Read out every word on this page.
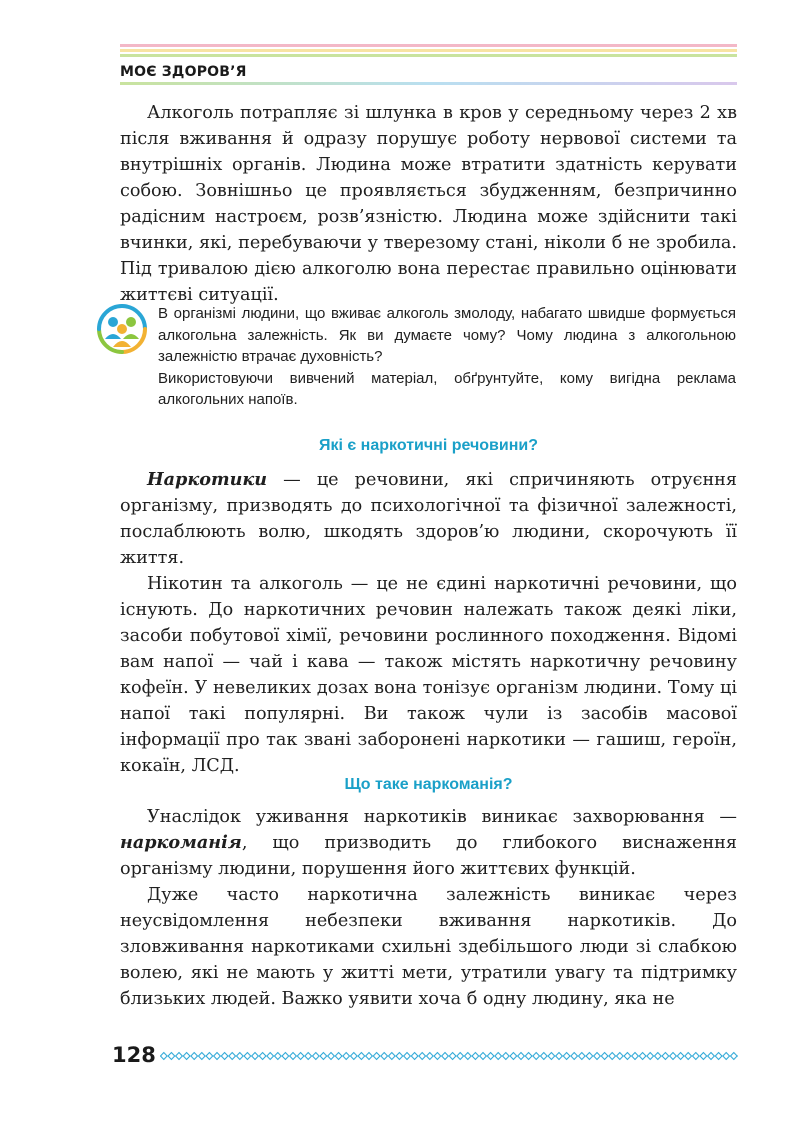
МОЄ ЗДОРОВ’Я

Алкоголь потрапляє зі шлунка в кров у середньому через 2 хв після вживання й одразу порушує роботу нервової системи та внутрішніх органів. Людина може втратити здатність керувати собою. Зовнішньо це проявляється збудженням, безпричинно радісним настроєм, розв’язністю. Людина може здійснити такі вчинки, які, перебуваючи у тверезому стані, ніколи б не зробила. Під тривалою дією алкоголю вона перестає правильно оцінювати життєві ситуації.

В організмі людини, що вживає алкоголь змолоду, набагато швидше формується алкогольна залежність. Як ви думаєте чому? Чому людина з алкогольною залежністю втрачає духовність?

Використовуючи вивчений матеріал, обґрунтуйте, кому вигідна реклама алкогольних напоїв.

Які є наркотичні речовини?

Наркотики — це речовини, які спричиняють отруєння організму, призводять до психологічної та фізичної залежності, послаблюють волю, шкодять здоров’ю людини, скорочують її життя.

Нікотин та алкоголь — це не єдині наркотичні речовини, що існують. До наркотичних речовин належать також деякі ліки, засоби побутової хімії, речовини рослинного походження. Відомі вам напої — чай і кава — також містять наркотичну речовину кофеїн. У невеликих дозах вона тонізує організм людини. Тому ці напої такі популярні. Ви також чули із засобів масової інформації про так звані заборонені наркотики — гашиш, героїн, кокаїн, ЛСД.

Що таке наркоманія?

Унаслідок уживання наркотиків виникає захворювання — наркоманія, що призводить до глибокого виснаження організму людини, порушення його життєвих функцій.

Дуже часто наркотична залежність виникає через неусвідомлення небезпеки вживання наркотиків. До зловживання наркотиками схильні здебільшого люди зі слабкою волею, які не мають у житті мети, утратили увагу та підтримку близьких людей. Важко уявити хоча б одну людину, яка не

128
